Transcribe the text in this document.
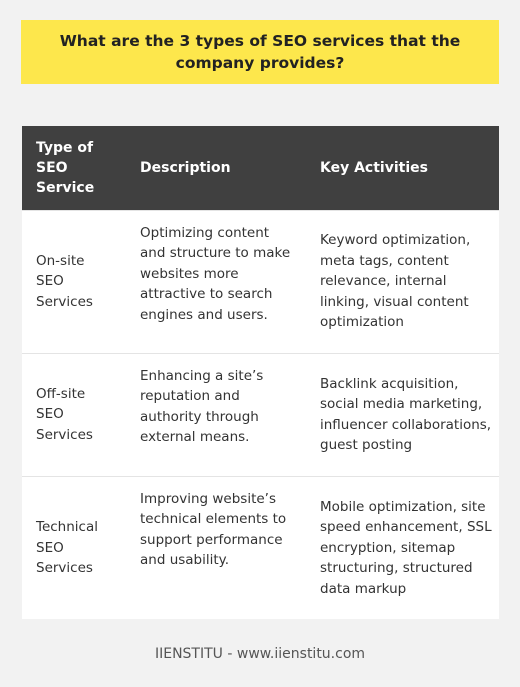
What are the 3 types of SEO services that the company provides?
Type of SEO Service	Description	Key Activities
On-site SEO Services	Optimizing content and structure to make websites more attractive to search engines and users.	Keyword optimization, meta tags, content relevance, internal linking, visual content optimization
Off-site SEO Services	Enhancing a site’s reputation and authority through external means.	Backlink acquisition, social media marketing, influencer collaborations, guest posting
Technical SEO Services	Improving website’s technical elements to support performance and usability.	Mobile optimization, site speed enhancement, SSL encryption, sitemap structuring, structured data markup
IIENSTITU - www.iienstitu.com
